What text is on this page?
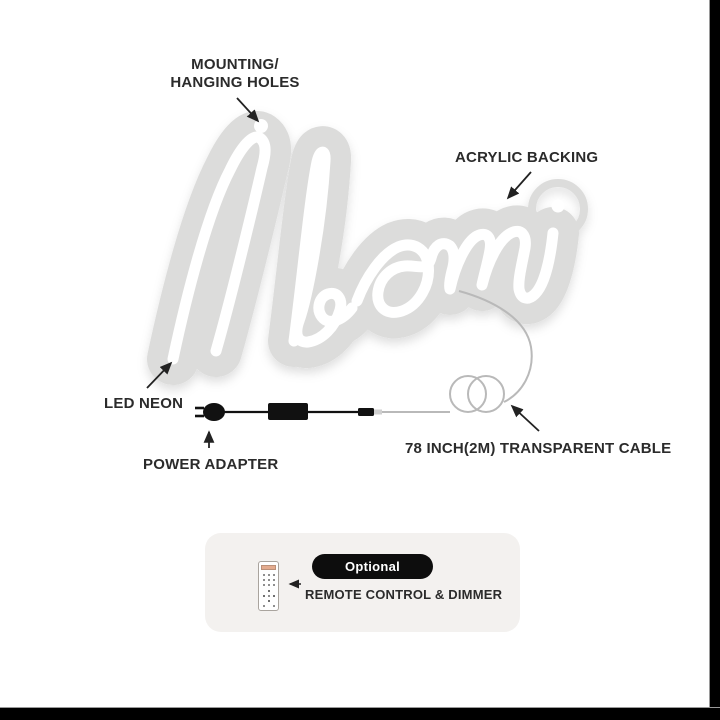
Optional
REMOTE CONTROL & DIMMER
MOUNTING/
HANGING HOLES
ACRYLIC BACKING
LED NEON
POWER ADAPTER
78 INCH(2M) TRANSPARENT CABLE
